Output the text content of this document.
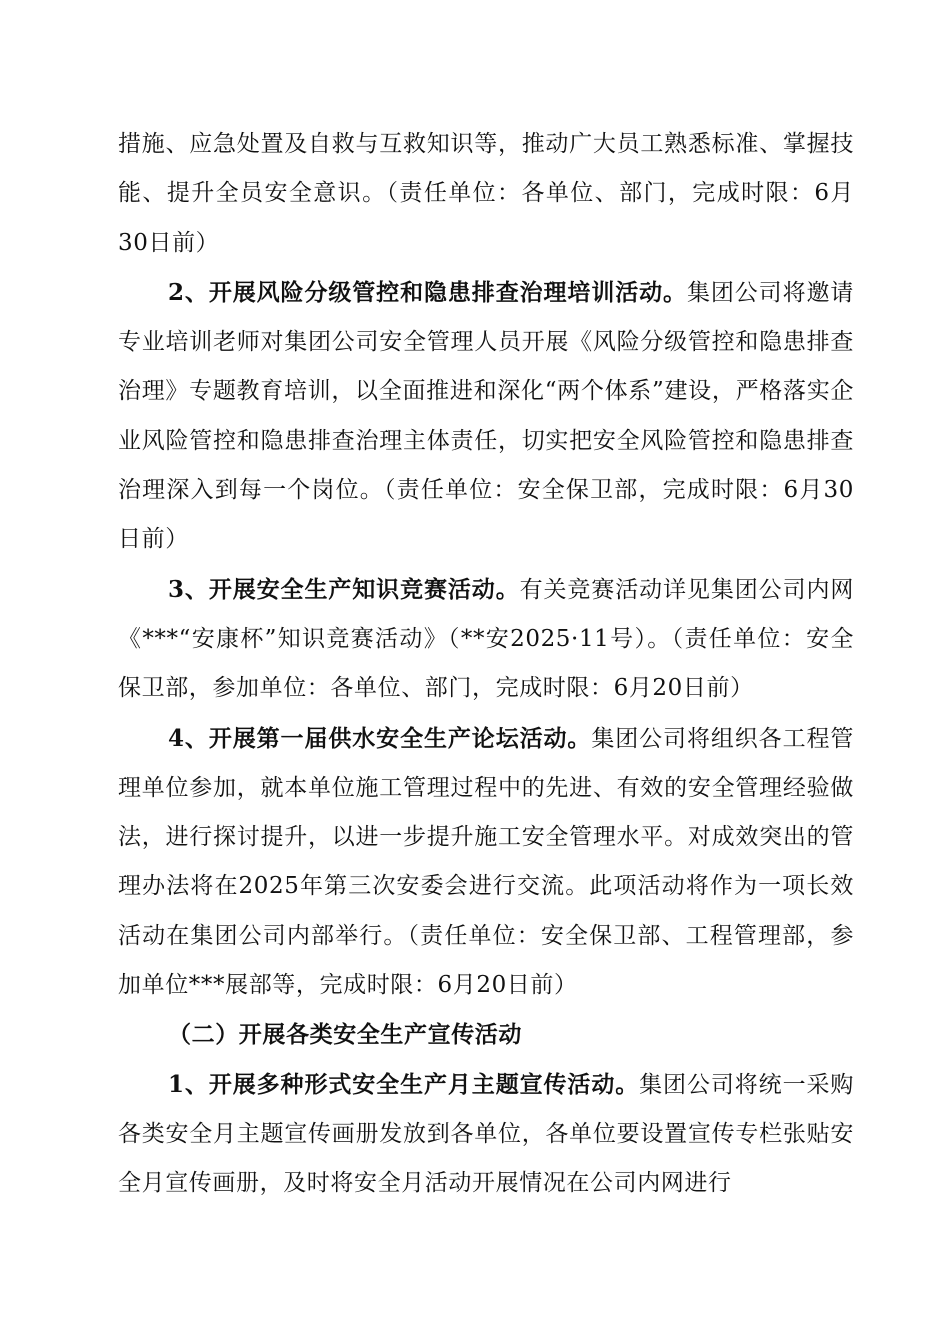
措施、应急处置及自救与互救知识等，推动广大员工熟悉标准、掌握技能、提升全员安全意识。（责任单位：各单位、部门，完成时限：6月30日前）

2、开展风险分级管控和隐患排查治理培训活动。集团公司将邀请专业培训老师对集团公司安全管理人员开展《风险分级管控和隐患排查治理》专题教育培训，以全面推进和深化“两个体系”建设，严格落实企业风险管控和隐患排查治理主体责任，切实把安全风险管控和隐患排查治理深入到每一个岗位。（责任单位：安全保卫部，完成时限：6月30日前）

3、开展安全生产知识竞赛活动。有关竞赛活动详见集团公司内网《***“安康杯”知识竞赛活动》（**安2025·11号）。（责任单位：安全保卫部，参加单位：各单位、部门，完成时限：6月20日前）

4、开展第一届供水安全生产论坛活动。集团公司将组织各工程管理单位参加，就本单位施工管理过程中的先进、有效的安全管理经验做法，进行探讨提升，以进一步提升施工安全管理水平。对成效突出的管理办法将在2025年第三次安委会进行交流。此项活动将作为一项长效活动在集团公司内部举行。（责任单位：安全保卫部、工程管理部，参加单位***展部等，完成时限：6月20日前）

（二）开展各类安全生产宣传活动

1、开展多种形式安全生产月主题宣传活动。集团公司将统一采购各类安全月主题宣传画册发放到各单位，各单位要设置宣传专栏张贴安全月宣传画册，及时将安全月活动开展情况在公司内网进行
